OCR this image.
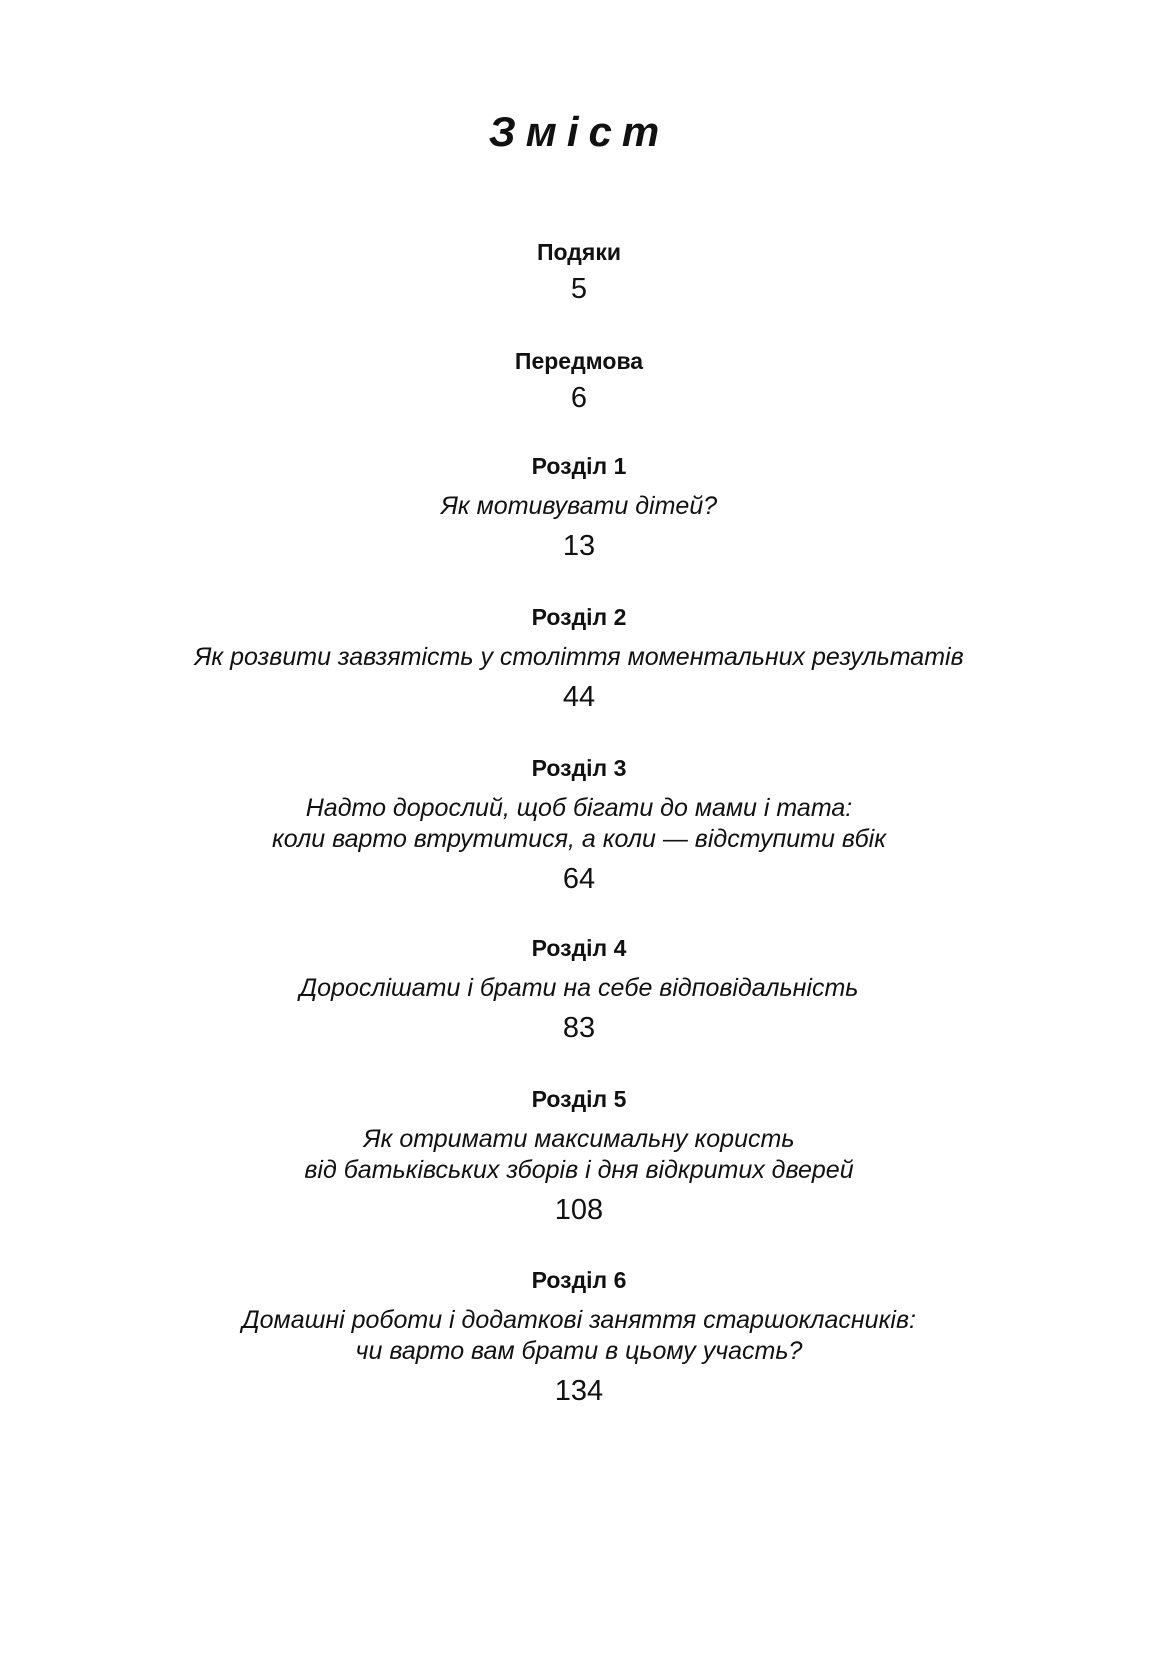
Зміст
Подяки
5
Передмова
6
Розділ 1
Як мотивувати дітей?
13
Розділ 2
Як розвити завзятість у століття моментальних результатів
44
Розділ 3
Надто дорослий, щоб бігати до мами і тата:
коли варто втрутитися, а коли — відступити вбік
64
Розділ 4
Дорослішати і брати на себе відповідальність
83
Розділ 5
Як отримати максимальну користь
від батьківських зборів і дня відкритих дверей
108
Розділ 6
Домашні роботи і додаткові заняття старшокласників:
чи варто вам брати в цьому участь?
134
